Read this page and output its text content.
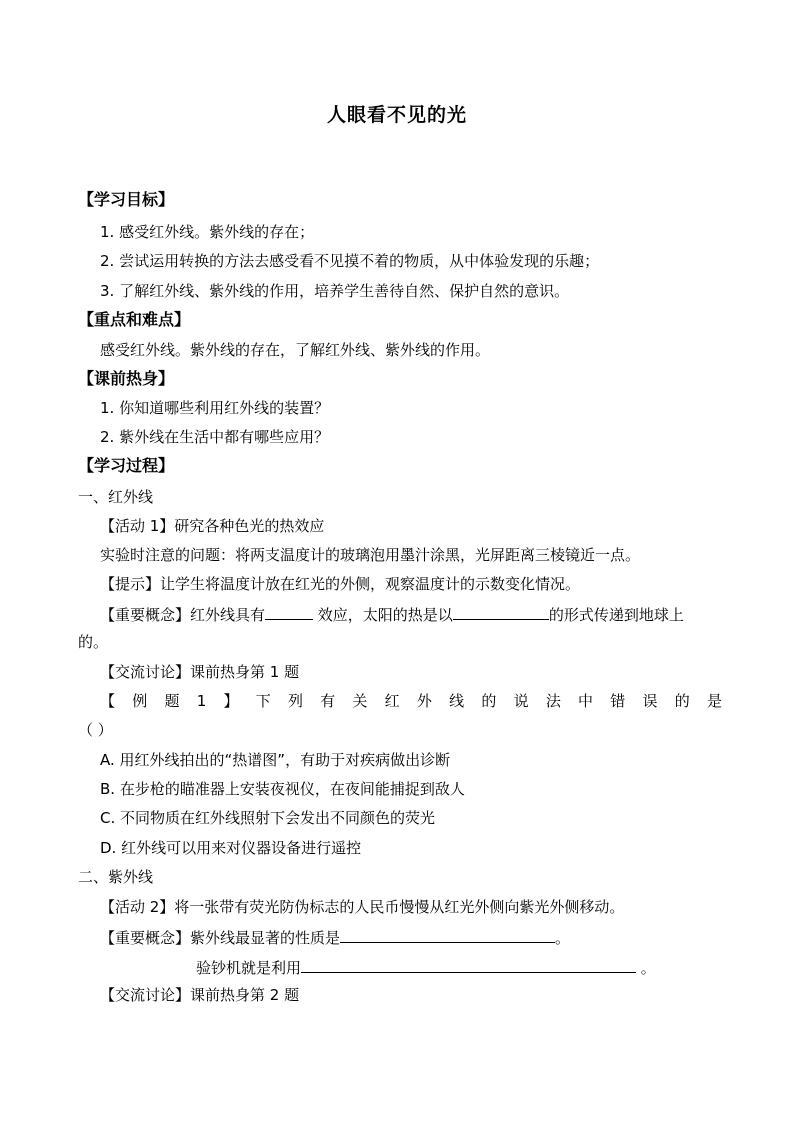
人眼看不见的光
【学习目标】
1. 感受红外线。紫外线的存在；
2. 尝试运用转换的方法去感受看不见摸不着的物质，从中体验发现的乐趣；
3. 了解红外线、紫外线的作用，培养学生善待自然、保护自然的意识。
【重点和难点】
感受红外线。紫外线的存在，了解红外线、紫外线的作用。
【课前热身】
1. 你知道哪些利用红外线的装置？
2. 紫外线在生活中都有哪些应用？
【学习过程】
一、红外线
【活动 1】研究各种色光的热效应
实验时注意的问题：将两支温度计的玻璃泡用墨汁涂黑，光屏距离三棱镜近一点。
【提示】让学生将温度计放在红光的外侧，观察温度计的示数变化情况。
【重要概念】红外线具有	效应，太阳的热是以	的形式传递到地球上
的。
【交流讨论】课前热身第 1 题
【 例 题 1 】 下 列 有 关 红 外 线 的 说 法 中 错 误 的 是
（ ）
A. 用红外线拍出的“热谱图”，有助于对疾病做出诊断
B. 在步枪的瞄准器上安装夜视仪，在夜间能捕捉到敌人
C. 不同物质在红外线照射下会发出不同颜色的荧光
D. 红外线可以用来对仪器设备进行遥控
二、紫外线
【活动 2】将一张带有荧光防伪标志的人民币慢慢从红光外侧向紫光外侧移动。
【重要概念】紫外线最显著的性质是	。
验钞机就是利用	。
【交流讨论】课前热身第 2 题
